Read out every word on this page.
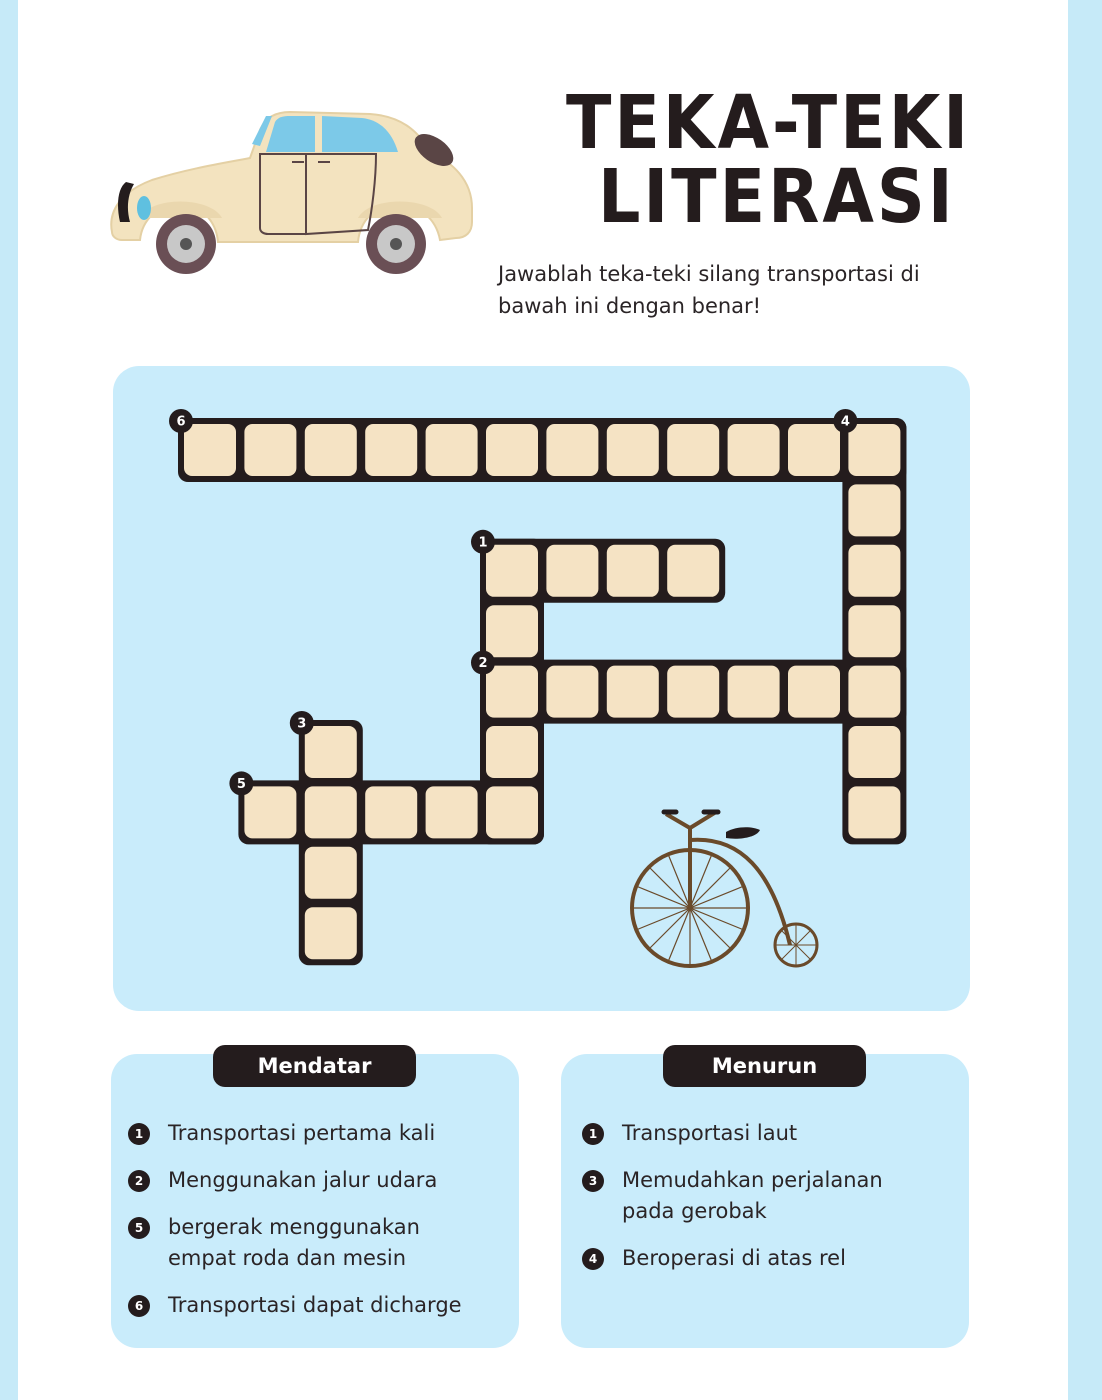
TEKA-TEKI
LITERASI

Jawablah teka-teki silang transportasi di bawah ini dengan benar!

6	4
1
2
3
5
Mendatar	Menurun
1	Transportasi pertama kali
2	Menggunakan jalur udara
5	bergerak menggunakan empat roda dan mesin
6	Transportasi dapat dicharge
1	Transportasi laut
3	Memudahkan perjalanan pada gerobak
4	Beroperasi di atas rel
